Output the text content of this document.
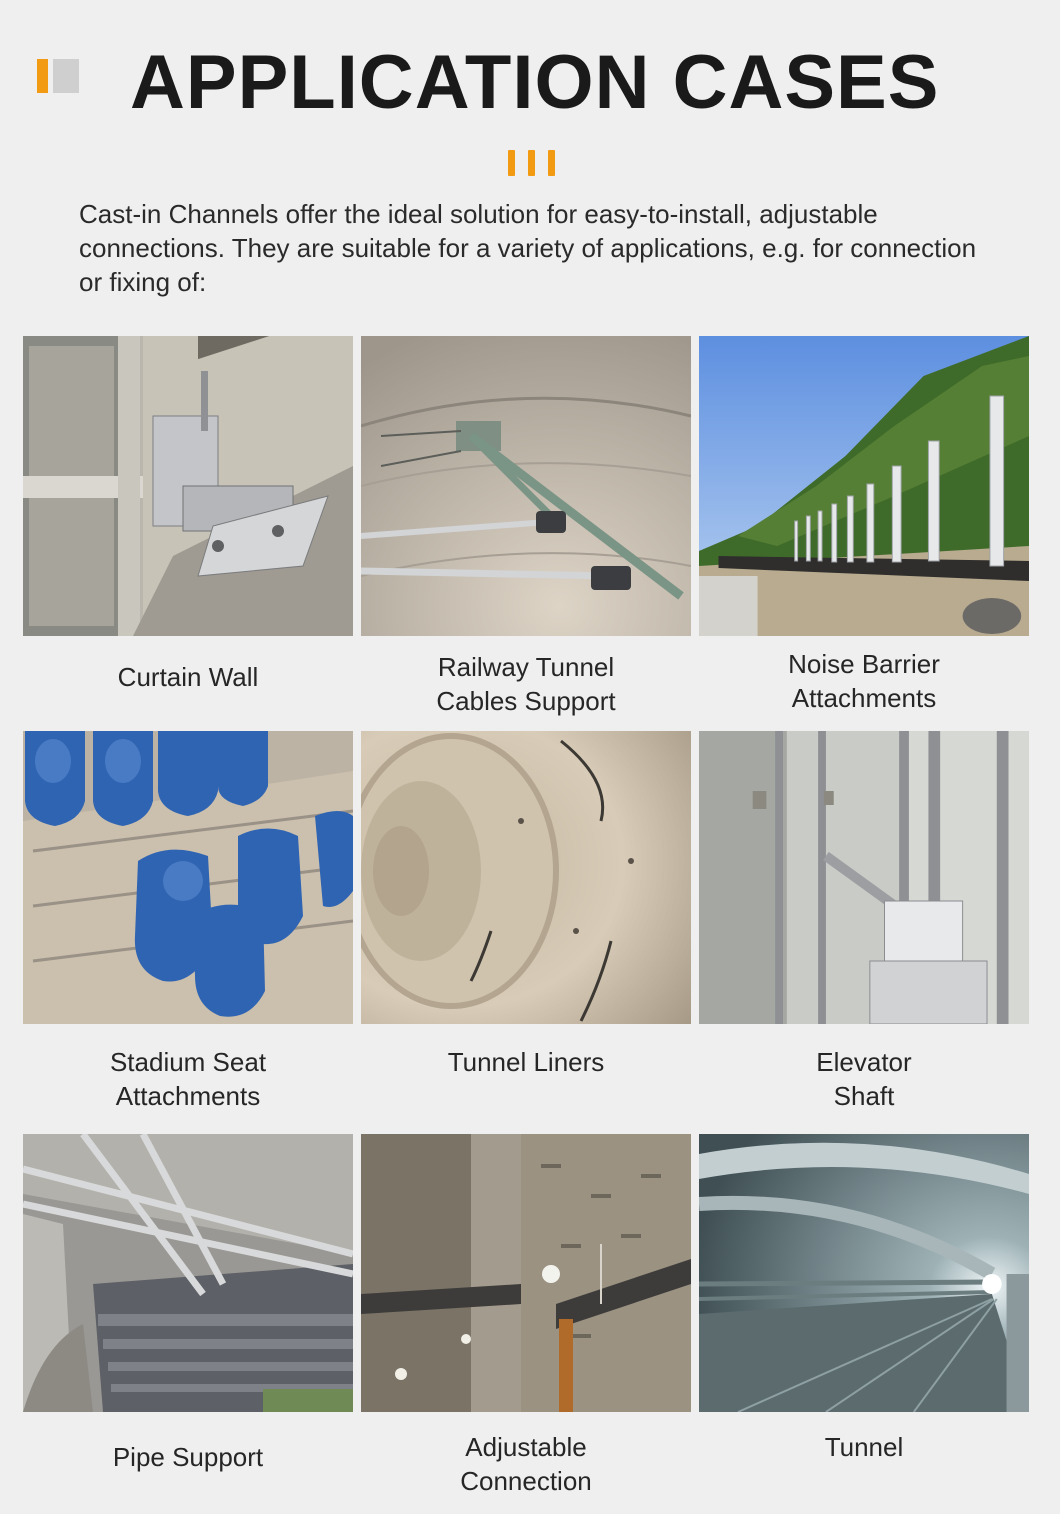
APPLICATION CASES

Cast-in Channels offer the ideal solution for easy-to-install, adjustable connections. They are suitable for a variety of applications, e.g. for connection or fixing of:

Curtain Wall	Railway Tunnel
Cables Support
Noise Barrier
Attachments
Stadium Seat
Attachments
Tunnel Liners	Elevator
Shaft
Pipe Support	Adjustable
Connection
Tunnel
